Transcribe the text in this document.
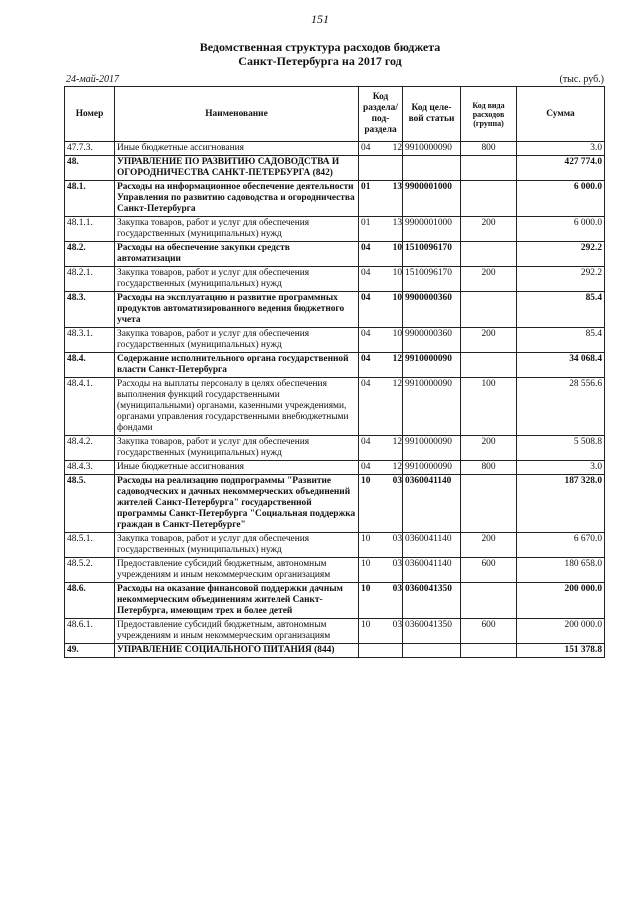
151
Ведомственная структура расходов бюджета
Санкт-Петербурга на 2017 год
24-май-2017	(тыс. руб.)
Номер	Наименование	Код раздела/ под-раздела	Код целе-вой статьи	Код вида расходов (группа)	Сумма
47.7.3.	Иные бюджетные ассигнования	04 12	9910000090	800	3.0
48.	УПРАВЛЕНИЕ ПО РАЗВИТИЮ САДОВОДСТВА И ОГОРОДНИЧЕСТВА САНКТ-ПЕТЕРБУРГА (842)				427 774.0
48.1.	Расходы на информационное обеспечение деятельности Управления по развитию садоводства и огородничества Санкт-Петербурга	01 13	9900001000		6 000.0
48.1.1.	Закупка товаров, работ и услуг для обеспечения государственных (муниципальных) нужд	01 13	9900001000	200	6 000.0
48.2.	Расходы на обеспечение закупки средств автоматизации	04 10	1510096170		292.2
48.2.1.	Закупка товаров, работ и услуг для обеспечения государственных (муниципальных) нужд	04 10	1510096170	200	292.2
48.3.	Расходы на эксплуатацию и развитие программных продуктов автоматизированного ведения бюджетного учета	04 10	9900000360		85.4
48.3.1.	Закупка товаров, работ и услуг для обеспечения государственных (муниципальных) нужд	04 10	9900000360	200	85.4
48.4.	Содержание исполнительного органа государственной власти Санкт-Петербурга	04 12	9910000090		34 068.4
48.4.1.	Расходы на выплаты персоналу в целях обеспечения выполнения функций государственными (муниципальными) органами, казенными учреждениями, органами управления государственными внебюджетными фондами	04 12	9910000090	100	28 556.6
48.4.2.	Закупка товаров, работ и услуг для обеспечения государственных (муниципальных) нужд	04 12	9910000090	200	5 508.8
48.4.3.	Иные бюджетные ассигнования	04 12	9910000090	800	3.0
48.5.	Расходы на реализацию подпрограммы "Развитие садоводческих и дачных некоммерческих объединений жителей Санкт-Петербурга" государственной программы Санкт-Петербурга "Социальная поддержка граждан в Санкт-Петербурге"	10 03	0360041140		187 328.0
48.5.1.	Закупка товаров, работ и услуг для обеспечения государственных (муниципальных) нужд	10 03	0360041140	200	6 670.0
48.5.2.	Предоставление субсидий бюджетным, автономным учреждениям и иным некоммерческим организациям	10 03	0360041140	600	180 658.0
48.6.	Расходы на оказание финансовой поддержки дачным некоммерческим объединениям жителей Санкт-Петербурга, имеющим трех и более детей	10 03	0360041350		200 000.0
48.6.1.	Предоставление субсидий бюджетным, автономным учреждениям и иным некоммерческим организациям	10 03	0360041350	600	200 000.0
49.	УПРАВЛЕНИЕ СОЦИАЛЬНОГО ПИТАНИЯ (844)				151 378.8
